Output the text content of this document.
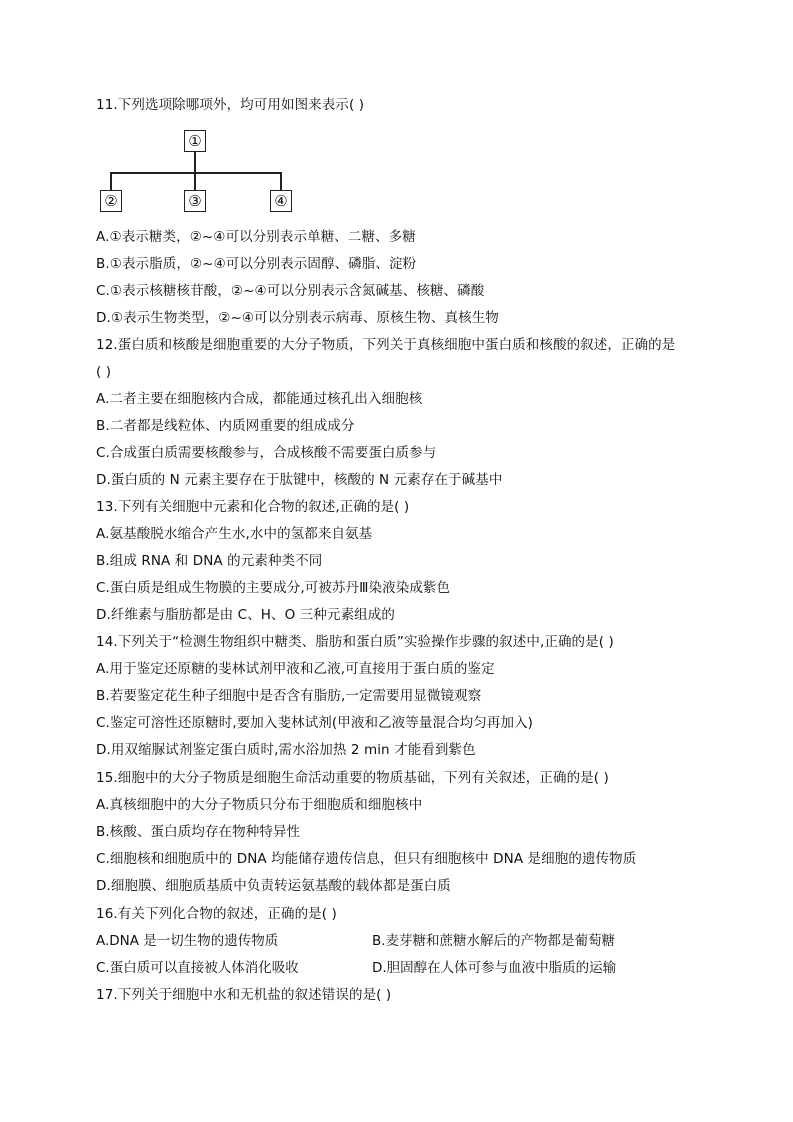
11.下列选项除哪项外，均可用如图来表示( )
①
②	③	④
A.①表示糖类，②~④可以分别表示单糖、二糖、多糖
B.①表示脂质，②~④可以分别表示固醇、磷脂、淀粉
C.①表示核糖核苷酸，②~④可以分别表示含氮碱基、核糖、磷酸
D.①表示生物类型，②~④可以分别表示病毒、原核生物、真核生物
12.蛋白质和核酸是细胞重要的大分子物质，下列关于真核细胞中蛋白质和核酸的叙述，正确的是
( )
A.二者主要在细胞核内合成，都能通过核孔出入细胞核
B.二者都是线粒体、内质网重要的组成成分
C.合成蛋白质需要核酸参与，合成核酸不需要蛋白质参与
D.蛋白质的 N 元素主要存在于肽键中，核酸的 N 元素存在于碱基中
13.下列有关细胞中元素和化合物的叙述,正确的是( )
A.氨基酸脱水缩合产生水,水中的氢都来自氨基
B.组成 RNA 和 DNA 的元素种类不同
C.蛋白质是组成生物膜的主要成分,可被苏丹Ⅲ染液染成紫色
D.纤维素与脂肪都是由 C、H、O 三种元素组成的
14.下列关于“检测生物组织中糖类、脂肪和蛋白质”实验操作步骤的叙述中,正确的是( )
A.用于鉴定还原糖的斐林试剂甲液和乙液,可直接用于蛋白质的鉴定
B.若要鉴定花生种子细胞中是否含有脂肪,一定需要用显微镜观察
C.鉴定可溶性还原糖时,要加入斐林试剂(甲液和乙液等量混合均匀再加入)
D.用双缩脲试剂鉴定蛋白质时,需水浴加热 2 min 才能看到紫色
15.细胞中的大分子物质是细胞生命活动重要的物质基础，下列有关叙述，正确的是( )
A.真核细胞中的大分子物质只分布于细胞质和细胞核中
B.核酸、蛋白质均存在物种特异性
C.细胞核和细胞质中的 DNA 均能储存遗传信息，但只有细胞核中 DNA 是细胞的遗传物质
D.细胞膜、细胞质基质中负责转运氨基酸的载体都是蛋白质
16.有关下列化合物的叙述，正确的是( )
A.DNA 是一切生物的遗传物质	B.麦芽糖和蔗糖水解后的产物都是葡萄糖
C.蛋白质可以直接被人体消化吸收	D.胆固醇在人体可参与血液中脂质的运输
17.下列关于细胞中水和无机盐的叙述错误的是( )
